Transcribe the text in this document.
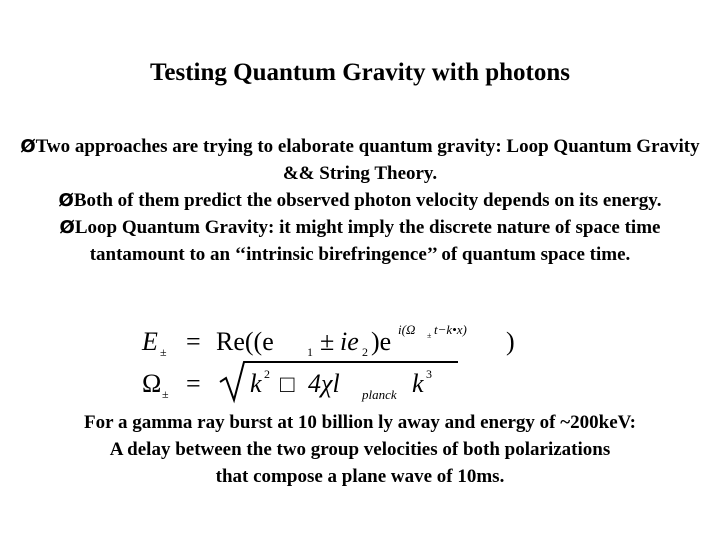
Testing Quantum Gravity with photons

ØTwo approaches are trying to elaborate quantum gravity: Loop Quantum Gravity && String Theory.

ØBoth of them predict the observed photon velocity depends on its energy.

ØLoop Quantum Gravity: it might imply the discrete nature of space time tantamount to an ‘‘intrinsic birefringence’’ of quantum space time.

E ± = Re((e	1 ± ie 2 )e i(Ω ± t−k•x) )
Ω ± = k 2 □ 4χl planck k 3
For a gamma ray burst at 10 billion ly away and energy of ~200keV:
A delay between the two group velocities of both polarizations
that compose a plane wave of 10ms.
